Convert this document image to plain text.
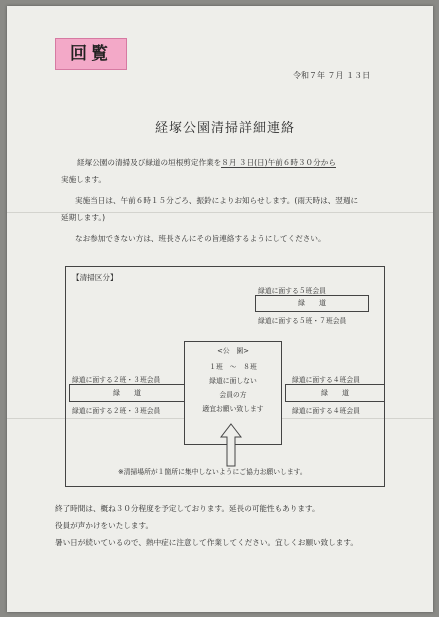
回覧
令和７年 ７月 １３日
経塚公園清掃詳細連絡
経塚公園の清掃及び緑道の垣根剪定作業を８月 ３日(日)午前６時３０分から
実施します。
実施当日は、午前６時１５分ごろ、振鈴によりお知らせします。(雨天時は、翌週に
延期します。)
なお参加できない方は、班長さんにその旨連絡するようにしてください。
【清掃区分】
緑道に面する５班会員
緑　　道
緑道に面する５班・７班会員
緑道に面する２班・３班会員
緑　　道
緑道に面する２班・３班会員
緑道に面する４班会員
緑　　道
緑道に面する４班会員
<公　園>
１班　～　８班
緑道に面しない
会員の方
適宜お願い致します
※清掃場所が１箇所に集中しないようにご協力お願いします。
終了時間は、概ね３０分程度を予定しております。延長の可能性もあります。
役員が声かけをいたします。
暑い日が続いているので、熱中症に注意して作業してください。宜しくお願い致します。
